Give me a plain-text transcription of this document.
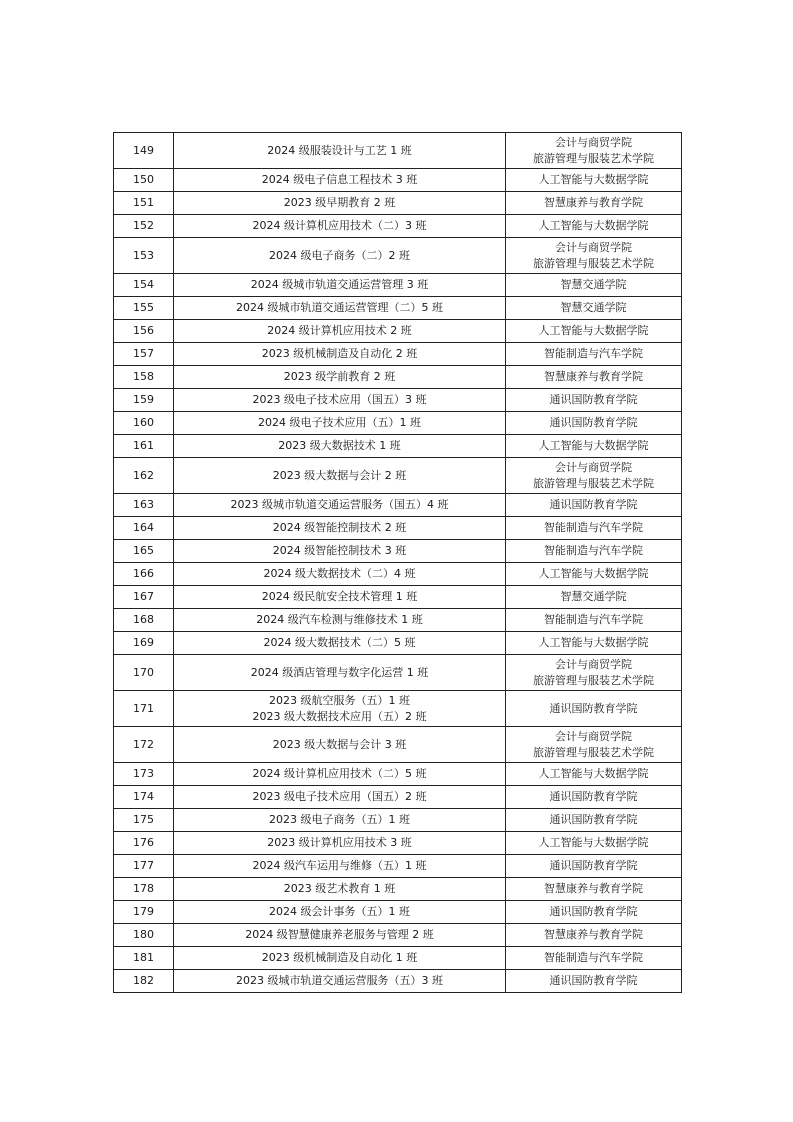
149	2024 级服装设计与工艺 1 班	会计与商贸学院
旅游管理与服装艺术学院

150	2024 级电子信息工程技术 3 班	人工智能与大数据学院

151	2023 级早期教育 2 班	智慧康养与教育学院

152	2024 级计算机应用技术（二）3 班	人工智能与大数据学院

153	2024 级电子商务（二）2 班	会计与商贸学院
旅游管理与服装艺术学院

154	2024 级城市轨道交通运营管理 3 班	智慧交通学院

155	2024 级城市轨道交通运营管理（二）5 班	智慧交通学院

156	2024 级计算机应用技术 2 班	人工智能与大数据学院

157	2023 级机械制造及自动化 2 班	智能制造与汽车学院

158	2023 级学前教育 2 班	智慧康养与教育学院

159	2023 级电子技术应用（国五）3 班	通识国防教育学院

160	2024 级电子技术应用（五）1 班	通识国防教育学院

161	2023 级大数据技术 1 班	人工智能与大数据学院

162	2023 级大数据与会计 2 班	会计与商贸学院
旅游管理与服装艺术学院

163	2023 级城市轨道交通运营服务（国五）4 班	通识国防教育学院

164	2024 级智能控制技术 2 班	智能制造与汽车学院

165	2024 级智能控制技术 3 班	智能制造与汽车学院

166	2024 级大数据技术（二）4 班	人工智能与大数据学院

167	2024 级民航安全技术管理 1 班	智慧交通学院

168	2024 级汽车检测与维修技术 1 班	智能制造与汽车学院

169	2024 级大数据技术（二）5 班	人工智能与大数据学院

170	2024 级酒店管理与数字化运营 1 班	会计与商贸学院
旅游管理与服装艺术学院

171	2023 级航空服务（五）1 班
2023 级大数据技术应用（五）2 班	通识国防教育学院

172	2023 级大数据与会计 3 班	会计与商贸学院
旅游管理与服装艺术学院

173	2024 级计算机应用技术（二）5 班	人工智能与大数据学院

174	2023 级电子技术应用（国五）2 班	通识国防教育学院

175	2023 级电子商务（五）1 班	通识国防教育学院

176	2023 级计算机应用技术 3 班	人工智能与大数据学院

177	2024 级汽车运用与维修（五）1 班	通识国防教育学院

178	2023 级艺术教育 1 班	智慧康养与教育学院

179	2024 级会计事务（五）1 班	通识国防教育学院

180	2024 级智慧健康养老服务与管理 2 班	智慧康养与教育学院

181	2023 级机械制造及自动化 1 班	智能制造与汽车学院

182	2023 级城市轨道交通运营服务（五）3 班	通识国防教育学院
